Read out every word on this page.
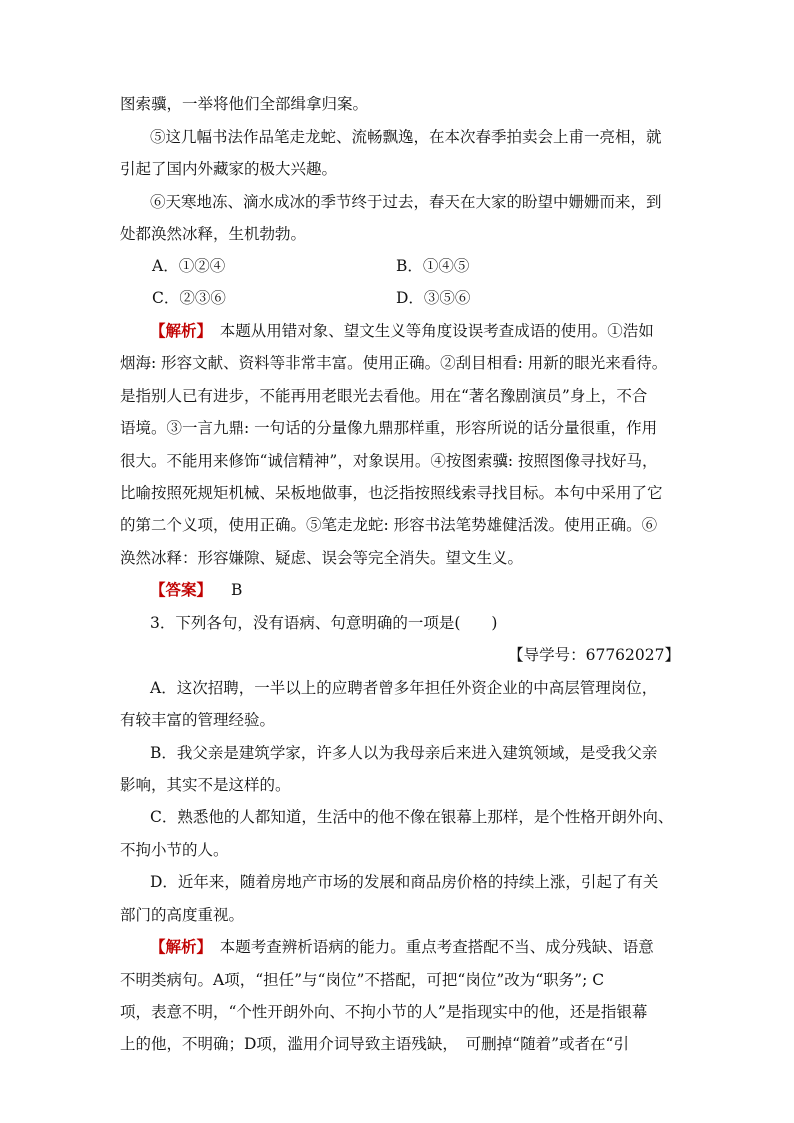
图索骥，一举将他们全部缉拿归案。
⑤这几幅书法作品笔走龙蛇、流畅飘逸，在本次春季拍卖会上甫一亮相，就
引起了国内外藏家的极大兴趣。
⑥天寒地冻、滴水成冰的季节终于过去，春天在大家的盼望中姗姗而来，到
处都涣然冰释，生机勃勃。
A．①②④	B．①④⑤
C．②③⑥	D．③⑤⑥
【解析】　本题从用错对象、望文生义等角度设误考查成语的使用。①浩如
烟海: 形容文献、资料等非常丰富。使用正确。②刮目相看: 用新的眼光来看待。
是指别人已有进步，不能再用老眼光去看他。用在“著名豫剧演员”身上，不合
语境。③一言九鼎: 一句话的分量像九鼎那样重，形容所说的话分量很重，作用
很大。不能用来修饰“诚信精神”，对象误用。④按图索骥: 按照图像寻找好马，
比喻按照死规矩机械、呆板地做事，也泛指按照线索寻找目标。本句中采用了它
的第二个义项，使用正确。⑤笔走龙蛇: 形容书法笔势雄健活泼。使用正确。⑥
涣然冰释：形容嫌隙、疑虑、误会等完全消失。望文生义。
【答案】 B
3．下列各句，没有语病、句意明确的一项是(　　)
【导学号：67762027】
A．这次招聘，一半以上的应聘者曾多年担任外资企业的中高层管理岗位，
有较丰富的管理经验。
B．我父亲是建筑学家，许多人以为我母亲后来进入建筑领域，是受我父亲
影响，其实不是这样的。
C．熟悉他的人都知道，生活中的他不像在银幕上那样，是个性格开朗外向、
不拘小节的人。
D．近年来，随着房地产市场的发展和商品房价格的持续上涨，引起了有关
部门的高度重视。
【解析】　本题考查辨析语病的能力。重点考查搭配不当、成分残缺、语意
不明类病句。A项，“担任”与“岗位”不搭配，可把“岗位”改为“职务”; C
项，表意不明，“个性开朗外向、不拘小节的人”是指现实中的他，还是指银幕
上的他，不明确；D项，滥用介词导致主语残缺，　可删掉“随着”或者在“引
